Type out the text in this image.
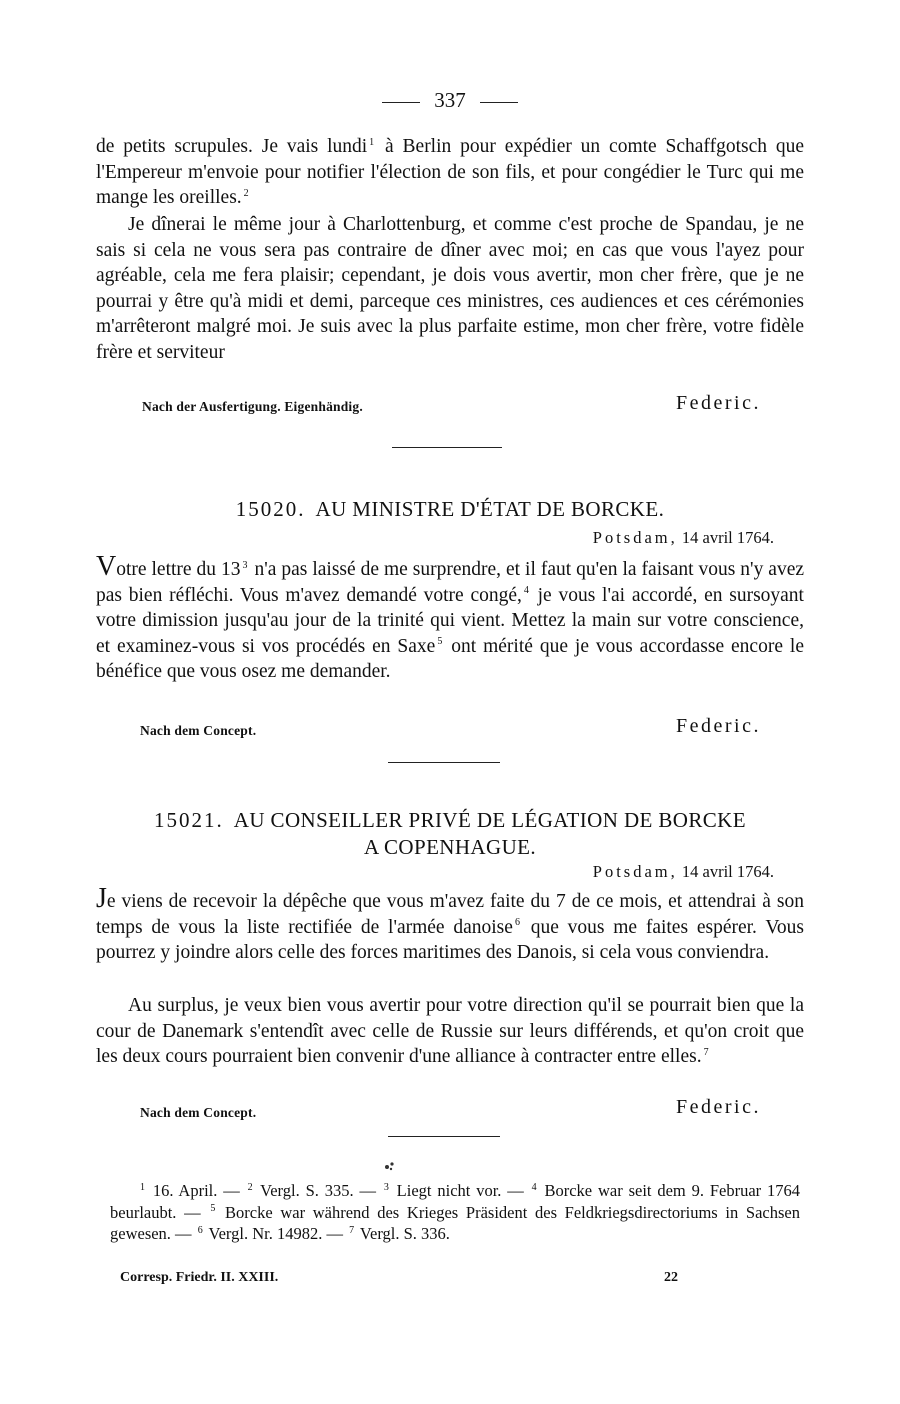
337
de petits scrupules. Je vais lundi $^1$ à Berlin pour expédier un comte Schaffgotsch que l'Empereur m'envoie pour notifier l'élection de son fils, et pour congédier le Turc qui me mange les oreilles. $^2$
Je dînerai le même jour à Charlottenburg, et comme c'est proche de Spandau, je ne sais si cela ne vous sera pas contraire de dîner avec moi; en cas que vous l'ayez pour agréable, cela me fera plaisir; cependant, je dois vous avertir, mon cher frère, que je ne pourrai y être qu'à midi et demi, parceque ces ministres, ces audiences et ces cérémonies m'arrêteront malgré moi. Je suis avec la plus parfaite estime, mon cher frère, votre fidèle frère et serviteur
Nach der Ausfertigung. Eigenhändig.	Federic.
15020. AU MINISTRE D'ÉTAT DE BORCKE.
Potsdam, 14 avril 1764.
Votre lettre du 13 $^3$ n'a pas laissé de me surprendre, et il faut qu'en la faisant vous n'y avez pas bien réfléchi. Vous m'avez demandé votre congé, $^4$ je vous l'ai accordé, en sursoyant votre dimission jusqu'au jour de la trinité qui vient. Mettez la main sur votre conscience, et examinez-vous si vos procédés en Saxe $^5$ ont mérité que je vous accordasse encore le bénéfice que vous osez me demander.
Nach dem Concept.	Federic.
15021. AU CONSEILLER PRIVÉ DE LÉGATION DE BORCKE
A COPENHAGUE.
Potsdam, 14 avril 1764.
Je viens de recevoir la dépêche que vous m'avez faite du 7 de ce mois, et attendrai à son temps de vous la liste rectifiée de l'armée danoise $^6$ que vous me faites espérer. Vous pourrez y joindre alors celle des forces maritimes des Danois, si cela vous conviendra.
Au surplus, je veux bien vous avertir pour votre direction qu'il se pourrait bien que la cour de Danemark s'entendît avec celle de Russie sur leurs différends, et qu'on croit que les deux cours pourraient bien convenir d'une alliance à contracter entre elles. $^7$
Nach dem Concept.	Federic.
$^1$ 16. April. — $^2$ Vergl. S. 335. — $^3$ Liegt nicht vor. — $^4$ Borcke war seit dem 9. Februar 1764 beurlaubt. — $^5$ Borcke war während des Krieges Präsident des Feldkriegsdirectoriums in Sachsen gewesen. — $^6$ Vergl. Nr. 14982. — $^7$ Vergl. S. 336.
Corresp. Friedr. II. XXIII.	22
